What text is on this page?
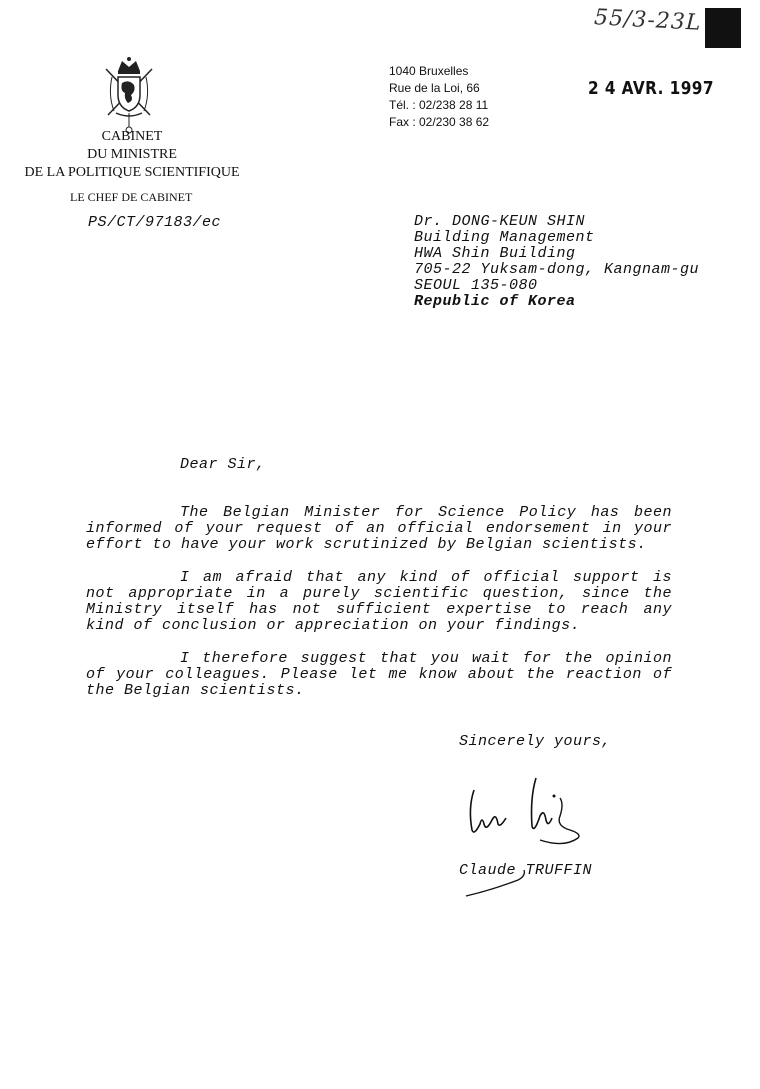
55/3-23L
CABINET
DU MINISTRE
DE LA POLITIQUE SCIENTIFIQUE
LE CHEF DE CABINET
PS/CT/97183/ec
1040 Bruxelles
Rue de la Loi, 66
Tél. : 02/238 28 11
Fax : 02/230 38 62
2 4 AVR. 1997
Dr. DONG-KEUN SHIN
Building Management
HWA Shin Building
705-22 Yuksam-dong, Kangnam-gu
SEOUL 135-080
Republic of Korea
Dear Sir,
The Belgian Minister for Science Policy has been informed of your request of an official endorsement in your effort to have your work scrutinized by Belgian scientists.
I am afraid that any kind of official support is not appropriate in a purely scientific question, since the Ministry itself has not sufficient expertise to reach any kind of conclusion or appreciation on your findings.
I therefore suggest that you wait for the opinion of your colleagues. Please let me know about the reaction of the Belgian scientists.
Sincerely yours,
Claude TRUFFIN
